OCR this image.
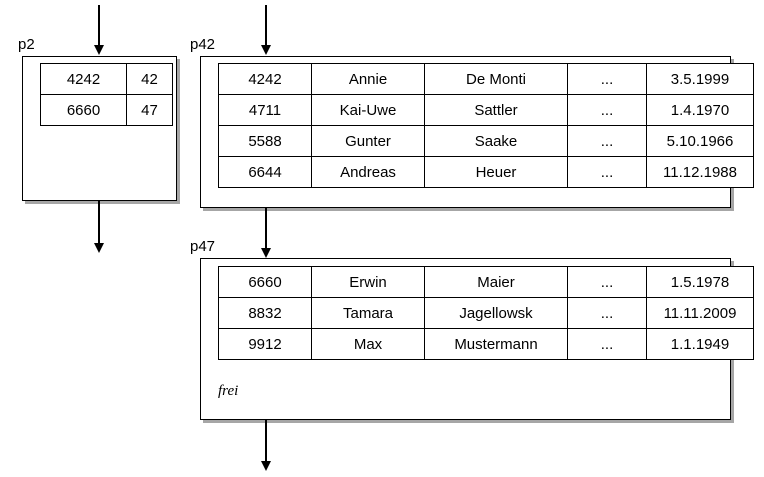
p2
4242	42
6660	47
p42
4242	Annie	De Monti	...	3.5.1999
4711	Kai-Uwe	Sattler	...	1.4.1970
5588	Gunter	Saake	...	5.10.1966
6644	Andreas	Heuer	...	11.12.1988
p47
6660	Erwin	Maier	...	1.5.1978
8832	Tamara	Jagellowsk	...	11.11.2009
9912	Max	Mustermann	...	1.1.1949
frei
